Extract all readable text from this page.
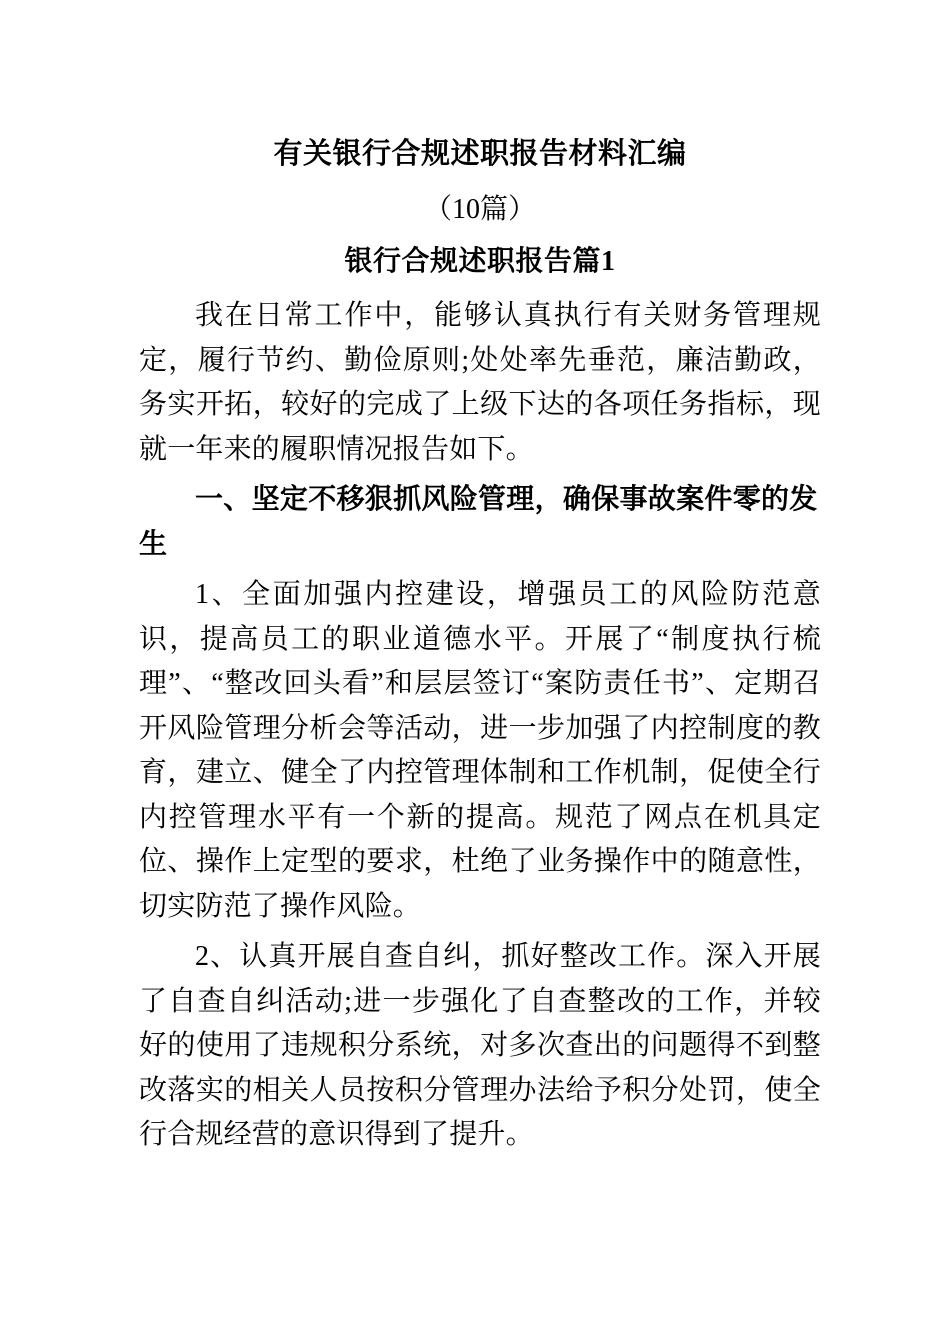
有关银行合规述职报告材料汇编
（10篇）
银行合规述职报告篇1

我在日常工作中，能够认真执行有关财务管理规定，履行节约、勤俭原则;处处率先垂范，廉洁勤政，务实开拓，较好的完成了上级下达的各项任务指标，现就一年来的履职情况报告如下。

一、坚定不移狠抓风险管理，确保事故案件零的发生

1、全面加强内控建设，增强员工的风险防范意识，提高员工的职业道德水平。开展了“制度执行梳理”、“整改回头看”和层层签订“案防责任书”、定期召开风险管理分析会等活动，进一步加强了内控制度的教育，建立、健全了内控管理体制和工作机制，促使全行内控管理水平有一个新的提高。规范了网点在机具定位、操作上定型的要求，杜绝了业务操作中的随意性，切实防范了操作风险。

2、认真开展自查自纠，抓好整改工作。深入开展了自查自纠活动;进一步强化了自查整改的工作，并较好的使用了违规积分系统，对多次查出的问题得不到整改落实的相关人员按积分管理办法给予积分处罚，使全行合规经营的意识得到了提升。
